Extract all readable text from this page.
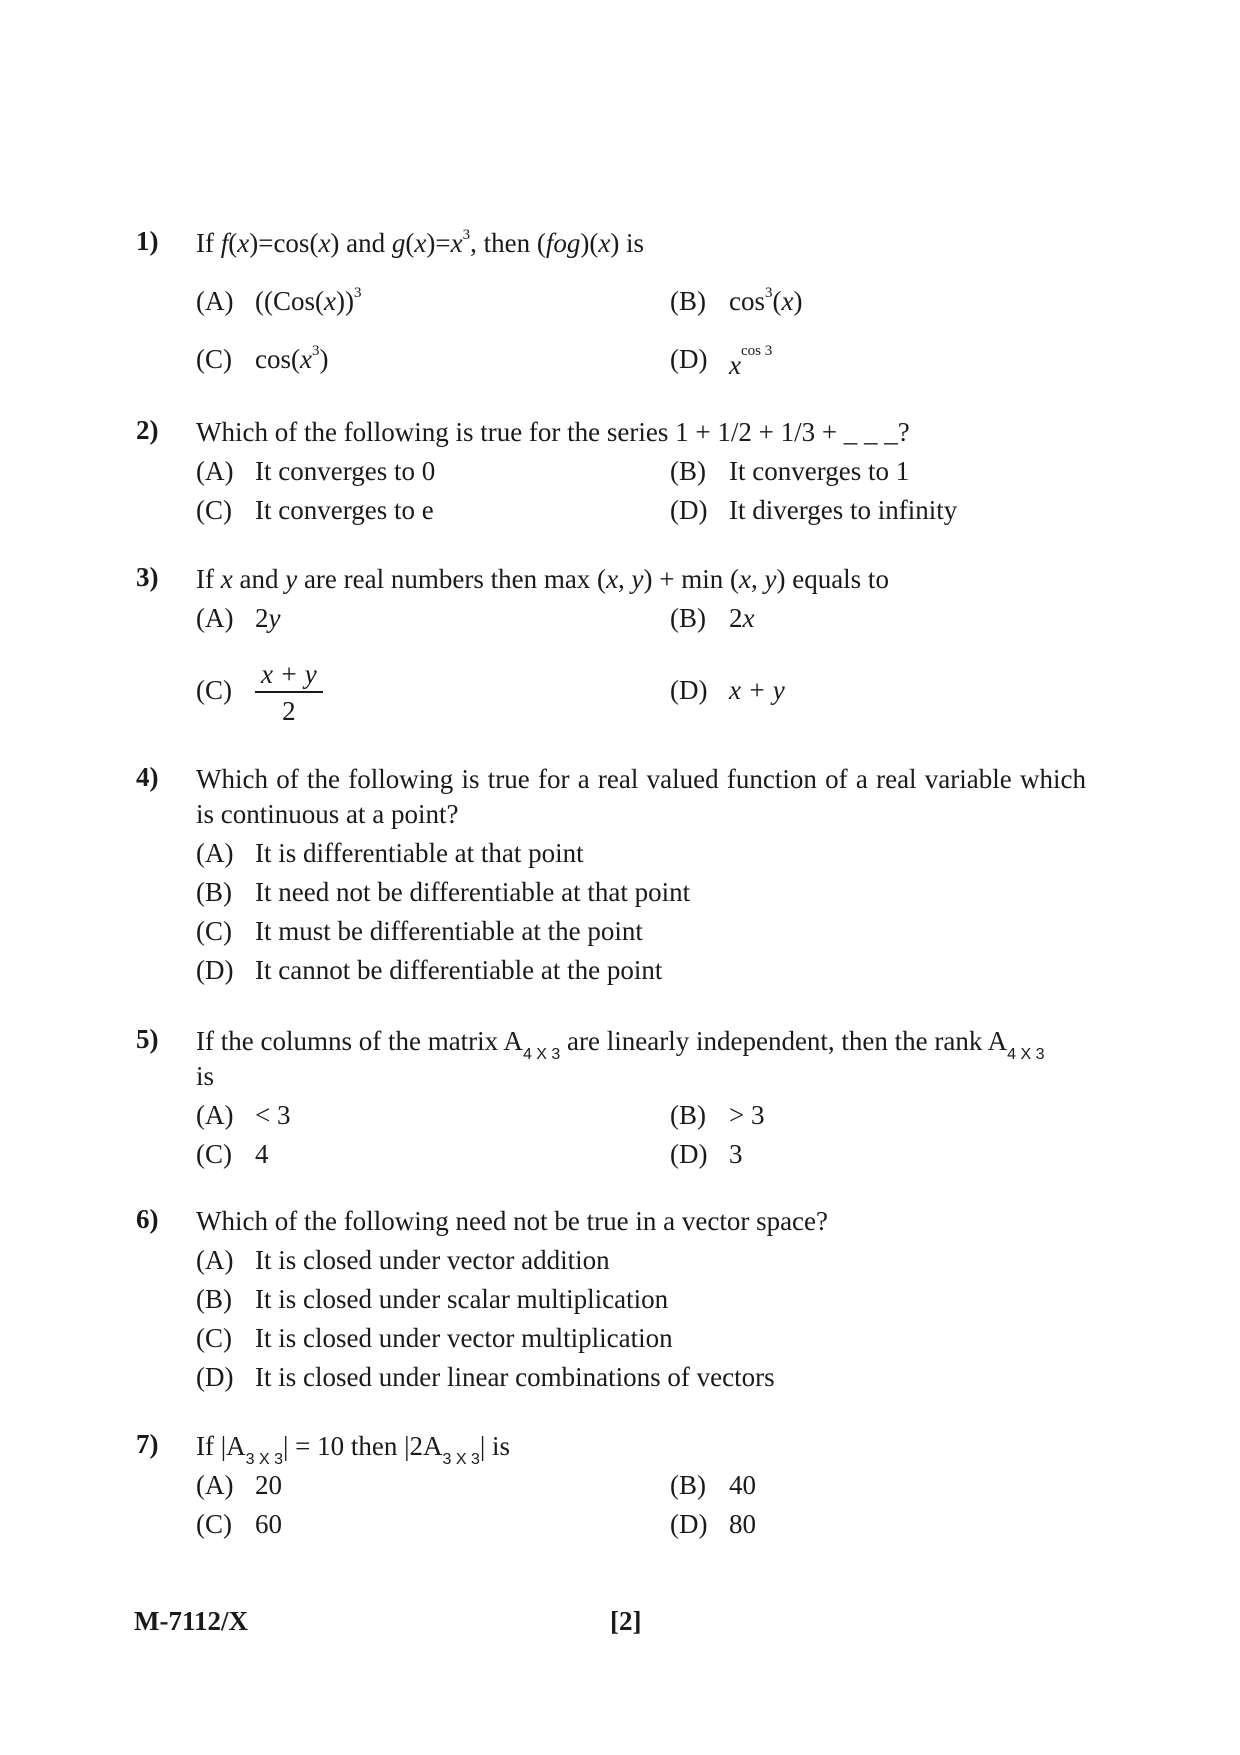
1) If f(x)=cos(x) and $g(x)=x^3$, then (fog)(x) is
(A) ($(Cos(x))^3$	(B) $\cos^3(x)$
(C) $\cos(x^3)$	(D) $x^{cos 3}$
2) Which of the following is true for the series 1 + 1/2 + 1/3 + _ _ _?
(A) It converges to 0	(B) It converges to 1
(C) It converges to e	(D) It diverges to infinity
3) If x and y are real numbers then max (x, y) + min (x, y) equals to
(A) 2y	(B) 2x
$(C) \frac{x + y}{2}$	(D) x + y
4) Which of the following is true for a real valued function of a real variable which is continuous at a point?
(A) It is differentiable at that point
(B) It need not be differentiable at that point
(C) It must be differentiable at the point
(D) It cannot be differentiable at the point
5) If the columns of the matrix $A_{4 X 3}$ are linearly independent, then the rank $A_{4 X 3}$
is
(A) < 3	(B) > 3
(C) 4	(D) 3
6) Which of the following need not be true in a vector space?
(A) It is closed under vector addition
(B) It is closed under scalar multiplication
(C) It is closed under vector multiplication
(D) It is closed under linear combinations of vectors
7) If $|A_{3 X 3}| = 10$ then $|2A_{3 X 3}|$ is
(A) 20	(B) 40
(C) 60	(D) 80
M-7112/X	[2]
